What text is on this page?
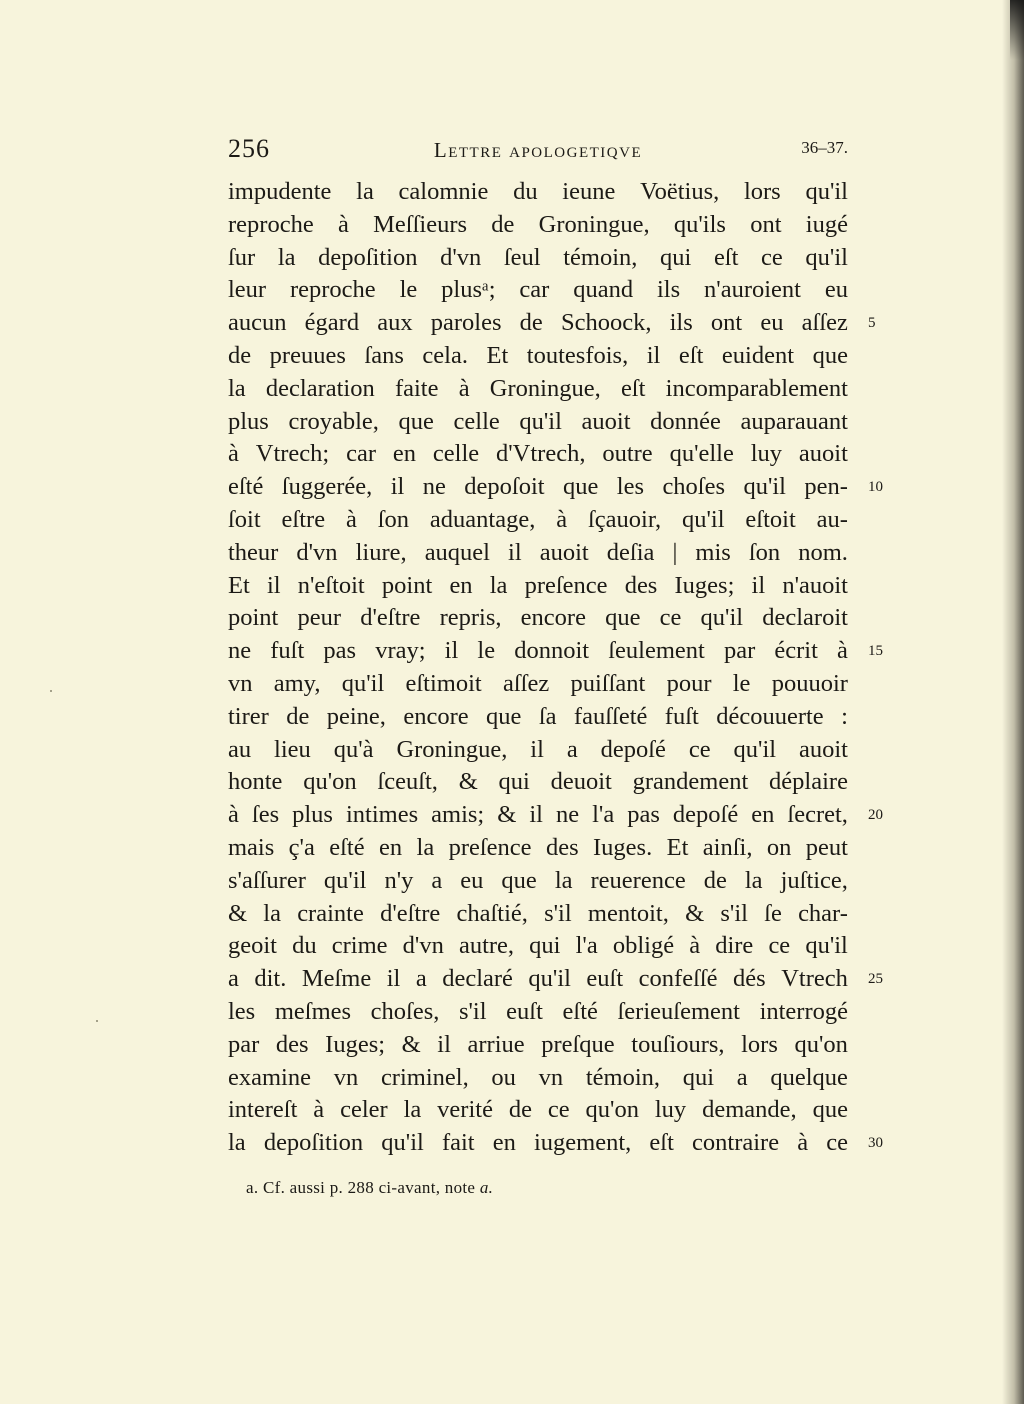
256	Lettre apologetiqve	36–37.
impudente la calomnie du ieune Voëtius, lors qu'il
reproche à Meſſieurs de Groningue, qu'ils ont iugé
ſur la depoſition d'vn ſeul témoin, qui eſt ce qu'il
leur reproche le plusᵃ; car quand ils n'auroient eu
aucun égard aux paroles de Schoock, ils ont eu aſſez
de preuues ſans cela. Et toutesfois, il eſt euident que
la declaration faite à Groningue, eſt incomparablement
plus croyable, que celle qu'il auoit donnée auparauant
à Vtrech; car en celle d'Vtrech, outre qu'elle luy auoit
eſté ſuggerée, il ne depoſoit que les choſes qu'il pen-
ſoit eſtre à ſon aduantage, à ſçauoir, qu'il eſtoit au-
theur d'vn liure, auquel il auoit deſia | mis ſon nom.
Et il n'eſtoit point en la preſence des Iuges; il n'auoit
point peur d'eſtre repris, encore que ce qu'il declaroit
ne fuſt pas vray; il le donnoit ſeulement par écrit à
vn amy, qu'il eſtimoit aſſez puiſſant pour le pouuoir
tirer de peine, encore que ſa fauſſeté fuſt découuerte :
au lieu qu'à Groningue, il a depoſé ce qu'il auoit
honte qu'on ſceuſt, & qui deuoit grandement déplaire
à ſes plus intimes amis; & il ne l'a pas depoſé en ſecret,
mais ç'a eſté en la preſence des Iuges. Et ainſi, on peut
s'aſſurer qu'il n'y a eu que la reuerence de la juſtice,
& la crainte d'eſtre chaſtié, s'il mentoit, & s'il ſe char-
geoit du crime d'vn autre, qui l'a obligé à dire ce qu'il
a dit. Meſme il a declaré qu'il euſt confeſſé dés Vtrech
les meſmes choſes, s'il euſt eſté ſerieuſement interrogé
par des Iuges; & il arriue preſque touſiours, lors qu'on
examine vn criminel, ou vn témoin, qui a quelque
intereſt à celer la verité de ce qu'on luy demande, que
la depoſition qu'il fait en iugement, eſt contraire à ce
5
10
15
20
25
30
a. Cf. aussi p. 288 ci-avant, note a.
